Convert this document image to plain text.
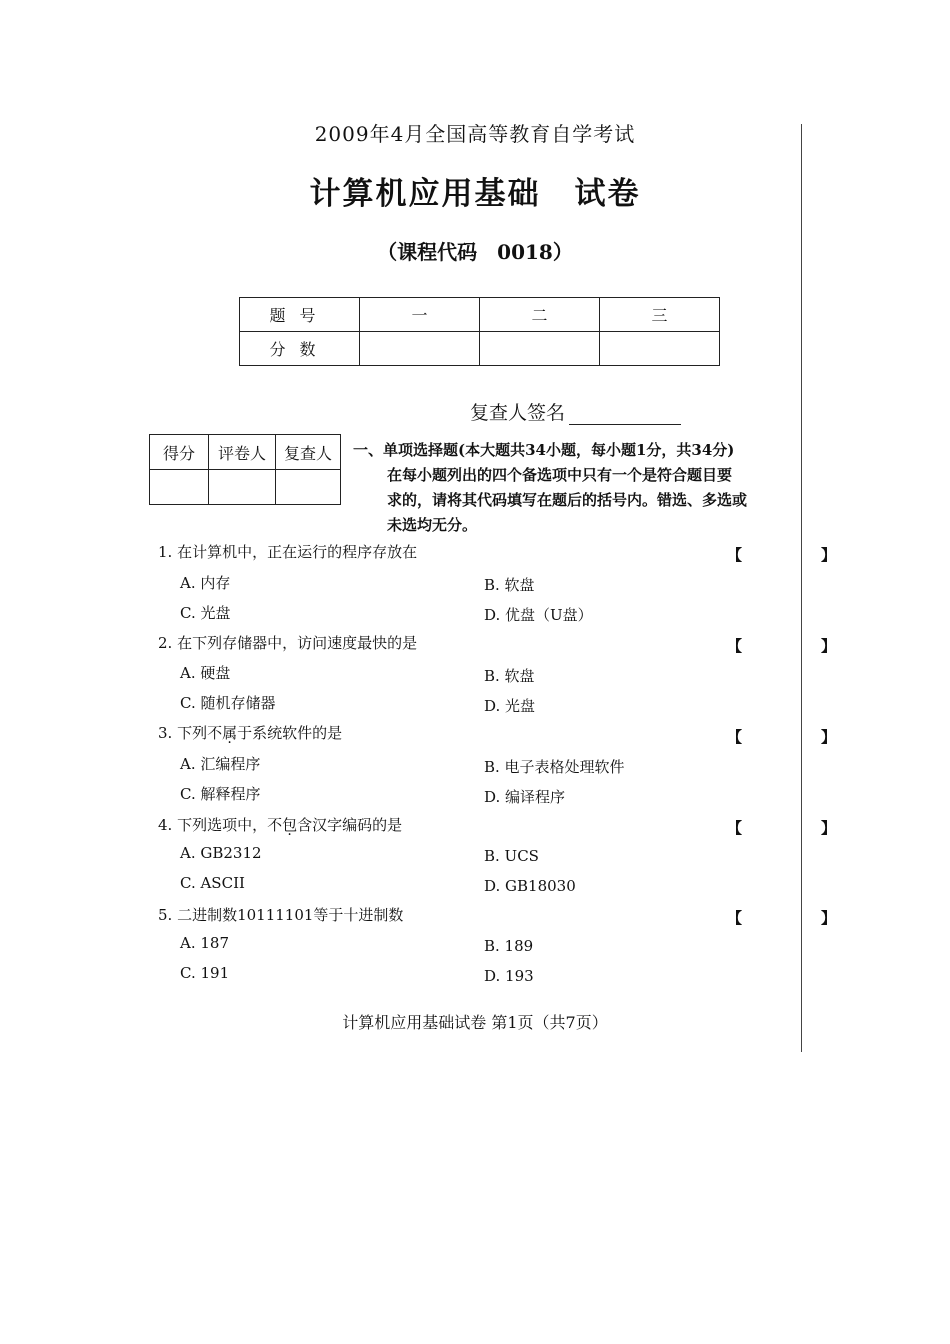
2009年4月全国高等教育自学考试
计算机应用基础 试卷
（课程代码　0018）
题号	一	二	三
分数			
复查人签名
得分	评卷人	复查人
		一、单项选择题(本大题共34小题，每小题1分，共34分)
在每小题列出的四个备选项中只有一个是符合题目要
求的，请将其代码填写在题后的括号内。错选、多选或
未选均无分。
1. 在计算机中，正在运行的程序存放在	【　】
A. 内存	B. 软盘
C. 光盘	D. 优盘（U盘）
2. 在下列存储器中，访问速度最快的是	【　】
A. 硬盘	B. 软盘
C. 随机存储器	D. 光盘
3. 下列不属于系统软件的是	【　】
A. 汇编程序	B. 电子表格处理软件
C. 解释程序	D. 编译程序
4. 下列选项中，不包含汉字编码的是	【　】
A. GB2312	B. UCS
C. ASCII	D. GB18030
5. 二进制数10111101等于十进制数	【　】
A. 187	B. 189
C. 191	D. 193
计算机应用基础试卷 第1页（共7页）
